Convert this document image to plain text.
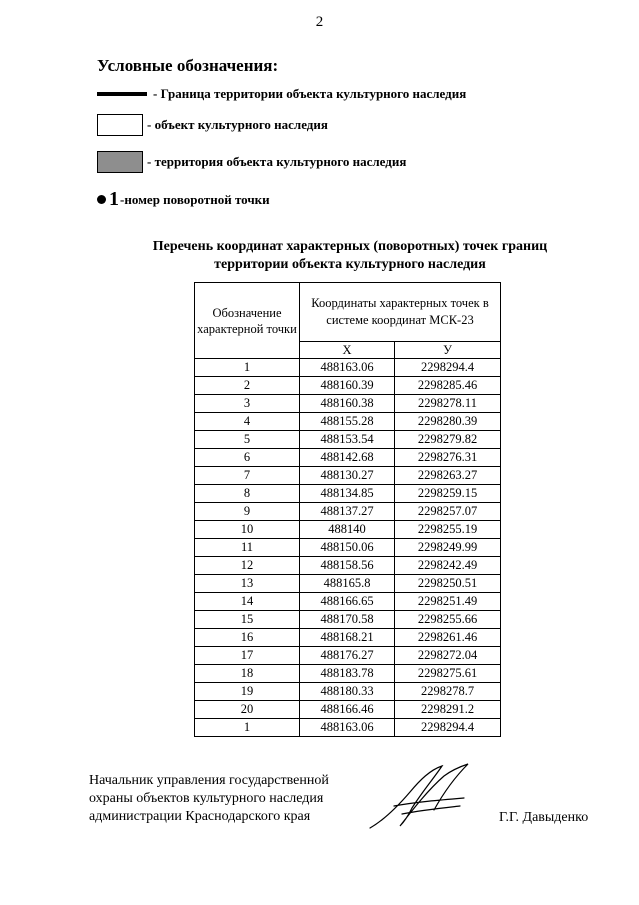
2
Условные обозначения:
- Граница территории объекта культурного наследия
- объект культурного наследия
- территория объекта культурного наследия
1 -номер поворотной точки
Перечень координат характерных (поворотных) точек границ
территории объекта культурного наследия
Обозначение характерной точки	Координаты характерных точек в системе координат МСК-23	
	X	У
1	488163.06	2298294.4
2	488160.39	2298285.46
3	488160.38	2298278.11
4	488155.28	2298280.39
5	488153.54	2298279.82
6	488142.68	2298276.31
7	488130.27	2298263.27
8	488134.85	2298259.15
9	488137.27	2298257.07
10	488140	2298255.19
11	488150.06	2298249.99
12	488158.56	2298242.49
13	488165.8	2298250.51
14	488166.65	2298251.49
15	488170.58	2298255.66
16	488168.21	2298261.46
17	488176.27	2298272.04
18	488183.78	2298275.61
19	488180.33	2298278.7
20	488166.46	2298291.2
1	488163.06	2298294.4
Начальник управления государственной
охраны объектов культурного наследия
администрации Краснодарского края	Г.Г. Давыденко
